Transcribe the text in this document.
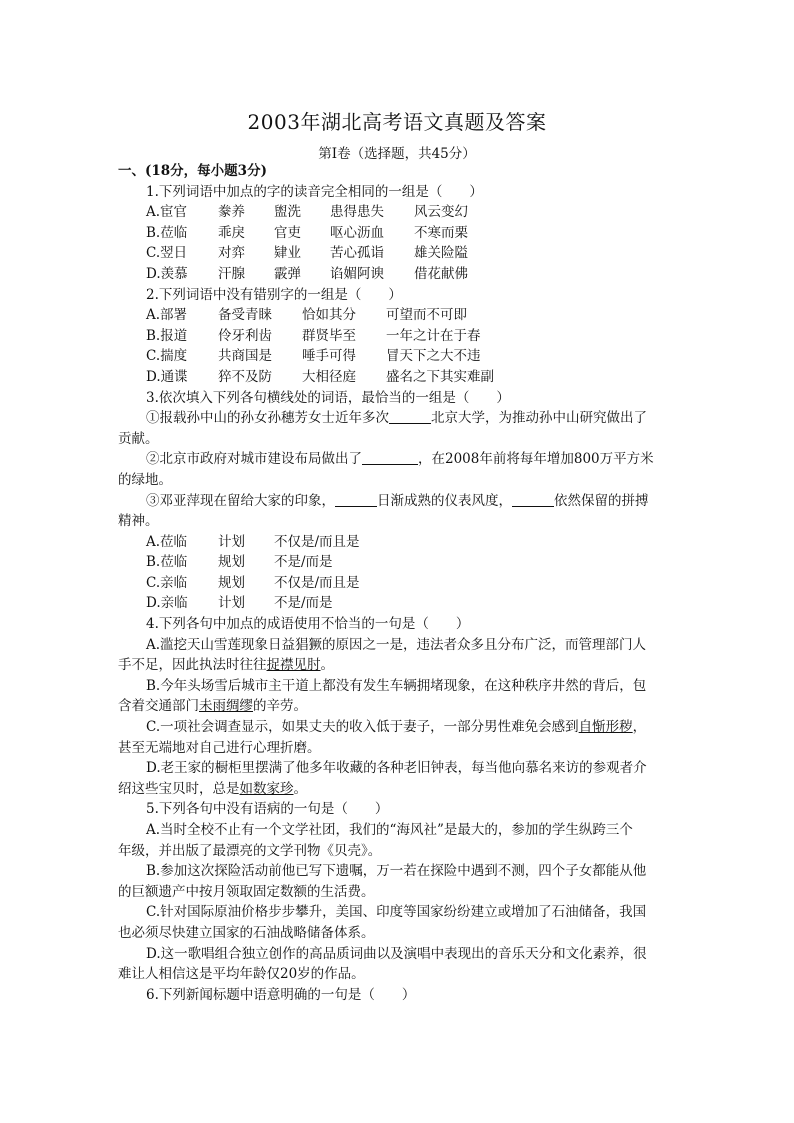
2003年湖北高考语文真题及答案
第Ⅰ卷（选择题，共45分）
一、(18分，每小题3分)
1.下列词语中加点的字的读音完全相同的一组是（　　）
A.宦官	豢养	盥洗	患得患失	风云变幻
B.莅临	乖戾	官吏	呕心沥血	不寒而栗
C.翌日	对弈	肄业	苦心孤诣	雄关险隘
D.羡慕	汗腺	霰弹	谄媚阿谀	借花献佛
2.下列词语中没有错别字的一组是（　　）
A.部署	备受青睐	恰如其分	可望而不可即
B.报道	伶牙利齿	群贤毕至	一年之计在于春
C.揣度	共商国是	唾手可得	冒天下之大不违
D.通谍	猝不及防	大相径庭	盛名之下其实难副
3.依次填入下列各句横线处的词语，最恰当的一组是（　　）
①报载孙中山的孙女孙穗芳女士近年多次	北京大学，为推动孙中山研究做出了
贡献。
②北京市政府对城市建设布局做出了	，在2008年前将每年增加800万平方米
的绿地。
③邓亚萍现在留给大家的印象，	日渐成熟的仪表风度，	依然保留的拼搏
精神。
A.莅临	计划	不仅是/而且是
B.莅临	规划	不是/而是
C.亲临	规划	不仅是/而且是
D.亲临	计划	不是/而是
4.下列各句中加点的成语使用不恰当的一句是（　　）
A.滥挖天山雪莲现象日益猖獗的原因之一是，违法者众多且分布广泛，而管理部门人
手不足，因此执法时往往捉襟见肘。
B.今年头场雪后城市主干道上都没有发生车辆拥堵现象，在这种秩序井然的背后，包
含着交通部门未雨绸缪的辛劳。
C.一项社会调查显示，如果丈夫的收入低于妻子，一部分男性难免会感到自惭形秽，
甚至无端地对自己进行心理折磨。
D.老王家的橱柜里摆满了他多年收藏的各种老旧钟表，每当他向慕名来访的参观者介
绍这些宝贝时，总是如数家珍。
5.下列各句中没有语病的一句是（　　）
A.当时全校不止有一个文学社团，我们的“海风社”是最大的，参加的学生纵跨三个
年级，并出版了最漂亮的文学刊物《贝壳》。
B.参加这次探险活动前他已写下遗嘱，万一若在探险中遇到不测，四个子女都能从他
的巨额遗产中按月领取固定数额的生活费。
C.针对国际原油价格步步攀升，美国、印度等国家纷纷建立或增加了石油储备，我国
也必须尽快建立国家的石油战略储备体系。
D.这一歌唱组合独立创作的高品质词曲以及演唱中表现出的音乐天分和文化素养，很
难让人相信这是平均年龄仅20岁的作品。
6.下列新闻标题中语意明确的一句是（　　）
